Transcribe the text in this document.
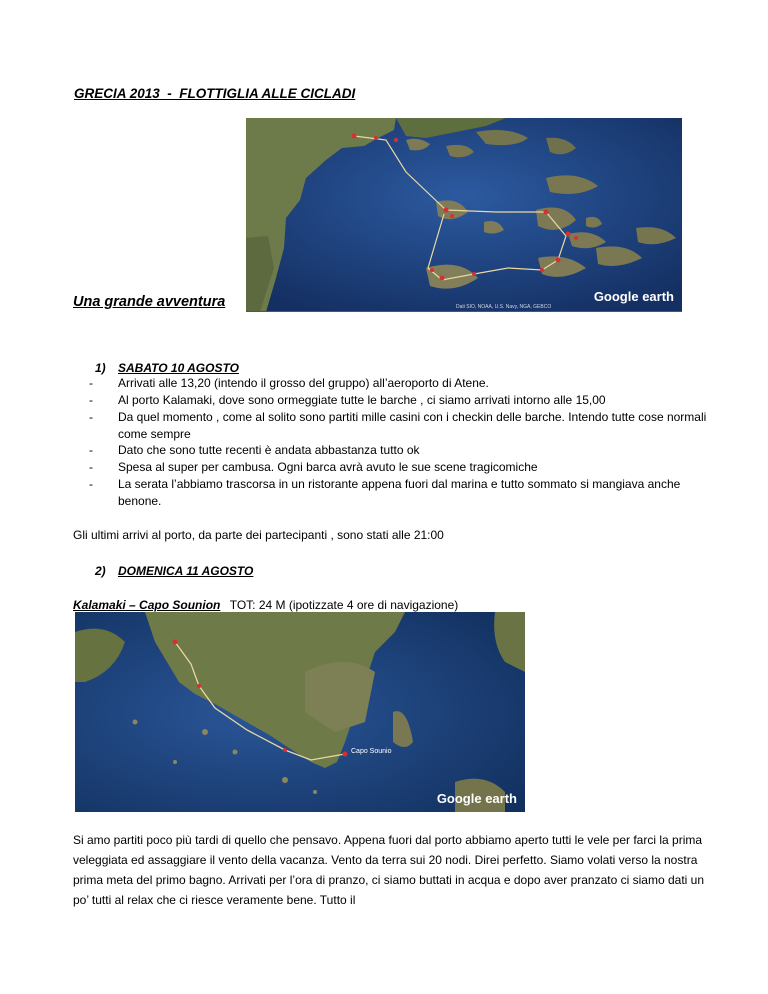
GRECIA 2013  -  FLOTTIGLIA ALLE CICLADI
Google earth
Dati SIO, NOAA, U.S. Navy, NGA, GEBCO
Una grande avventura
1) SABATO 10 AGOSTO
- Arrivati alle 13,20 (intendo il grosso del gruppo) all’aeroporto di Atene.
- Al porto Kalamaki, dove sono ormeggiate tutte le barche , ci siamo arrivati intorno alle 15,00
- Da quel momento , come al solito sono partiti mille casini con i checkin delle barche. Intendo tutte cose normali come sempre
- Dato che sono tutte recenti è andata abbastanza tutto ok
- Spesa al super per cambusa. Ogni barca avrà avuto le sue scene tragicomiche
- La serata l’abbiamo trascorsa in un ristorante appena fuori dal marina e tutto sommato si mangiava anche benone.
Gli ultimi arrivi al porto, da parte dei partecipanti , sono stati alle 21:00
2) DOMENICA 11 AGOSTO
Kalamaki – Capo Sounion TOT: 24 M (ipotizzate 4 ore di navigazione)
Capo Sounio
Google earth
Si amo partiti poco più tardi di quello che pensavo. Appena fuori dal porto abbiamo aperto tutti le vele per farci la prima veleggiata ed assaggiare il vento della vacanza. Vento da terra sui 20 nodi. Direi perfetto. Siamo volati verso la nostra prima meta del primo bagno. Arrivati per l’ora di pranzo, ci siamo buttati in acqua e dopo aver pranzato ci siamo dati un po’ tutti al relax che ci riesce veramente bene. Tutto il
